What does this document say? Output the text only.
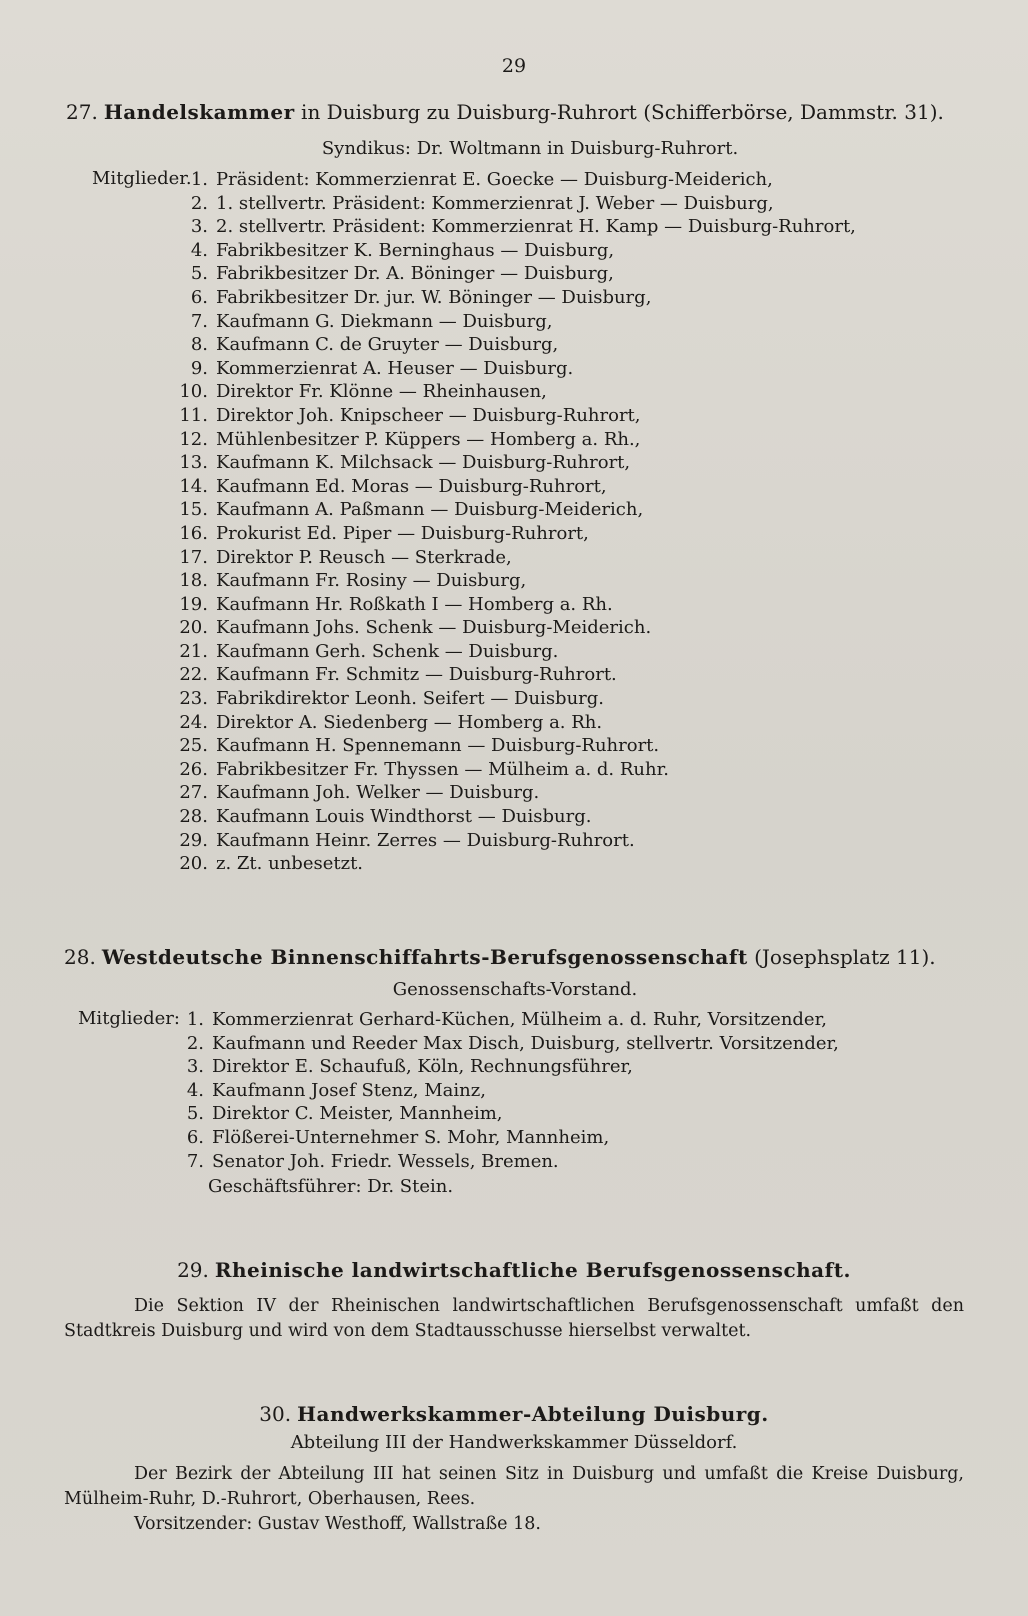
29
27. Handelskammer in Duisburg zu Duisburg-Ruhrort (Schifferbörse, Dammstr. 31).
Syndikus: Dr. Woltmann in Duisburg-Ruhrort.
Mitglieder. 1. Präsident: Kommerzienrat E. Goecke — Duisburg-Meiderich,
2. 1. stellvertr. Präsident: Kommerzienrat J. Weber — Duisburg,
3. 2. stellvertr. Präsident: Kommerzienrat H. Kamp — Duisburg-Ruhrort,
4. Fabrikbesitzer K. Berninghaus — Duisburg,
5. Fabrikbesitzer Dr. A. Böninger — Duisburg,
6. Fabrikbesitzer Dr. jur. W. Böninger — Duisburg,
7. Kaufmann G. Diekmann — Duisburg,
8. Kaufmann C. de Gruyter — Duisburg,
9. Kommerzienrat A. Heuser — Duisburg.
10. Direktor Fr. Klönne — Rheinhausen,
11. Direktor Joh. Knipscheer — Duisburg-Ruhrort,
12. Mühlenbesitzer P. Küppers — Homberg a. Rh.,
13. Kaufmann K. Milchsack — Duisburg-Ruhrort,
14. Kaufmann Ed. Moras — Duisburg-Ruhrort,
15. Kaufmann A. Paßmann — Duisburg-Meiderich,
16. Prokurist Ed. Piper — Duisburg-Ruhrort,
17. Direktor P. Reusch — Sterkrade,
18. Kaufmann Fr. Rosiny — Duisburg,
19. Kaufmann Hr. Roßkath I — Homberg a. Rh.
20. Kaufmann Johs. Schenk — Duisburg-Meiderich.
21. Kaufmann Gerh. Schenk — Duisburg.
22. Kaufmann Fr. Schmitz — Duisburg-Ruhrort.
23. Fabrikdirektor Leonh. Seifert — Duisburg.
24. Direktor A. Siedenberg — Homberg a. Rh.
25. Kaufmann H. Spennemann — Duisburg-Ruhrort.
26. Fabrikbesitzer Fr. Thyssen — Mülheim a. d. Ruhr.
27. Kaufmann Joh. Welker — Duisburg.
28. Kaufmann Louis Windthorst — Duisburg.
29. Kaufmann Heinr. Zerres — Duisburg-Ruhrort.
20. z. Zt. unbesetzt.
28. Westdeutsche Binnenschiffahrts-Berufsgenossenschaft (Josephsplatz 11).
Genossenschafts-Vorstand.
Mitglieder: 1. Kommerzienrat Gerhard-Küchen, Mülheim a. d. Ruhr, Vorsitzender,
2. Kaufmann und Reeder Max Disch, Duisburg, stellvertr. Vorsitzender,
3. Direktor E. Schaufuß, Köln, Rechnungsführer,
4. Kaufmann Josef Stenz, Mainz,
5. Direktor C. Meister, Mannheim,
6. Flößerei-Unternehmer S. Mohr, Mannheim,
7. Senator Joh. Friedr. Wessels, Bremen.
Geschäftsführer: Dr. Stein.
29. Rheinische landwirtschaftliche Berufsgenossenschaft.
Die Sektion IV der Rheinischen landwirtschaftlichen Berufsgenossenschaft umfaßt den Stadtkreis Duisburg und wird von dem Stadtausschusse hierselbst verwaltet.
30. Handwerkskammer-Abteilung Duisburg.
Abteilung III der Handwerkskammer Düsseldorf.
Der Bezirk der Abteilung III hat seinen Sitz in Duisburg und umfaßt die Kreise Duisburg, Mülheim-Ruhr, D.-Ruhrort, Oberhausen, Rees.
Vorsitzender: Gustav Westhoff, Wallstraße 18.
